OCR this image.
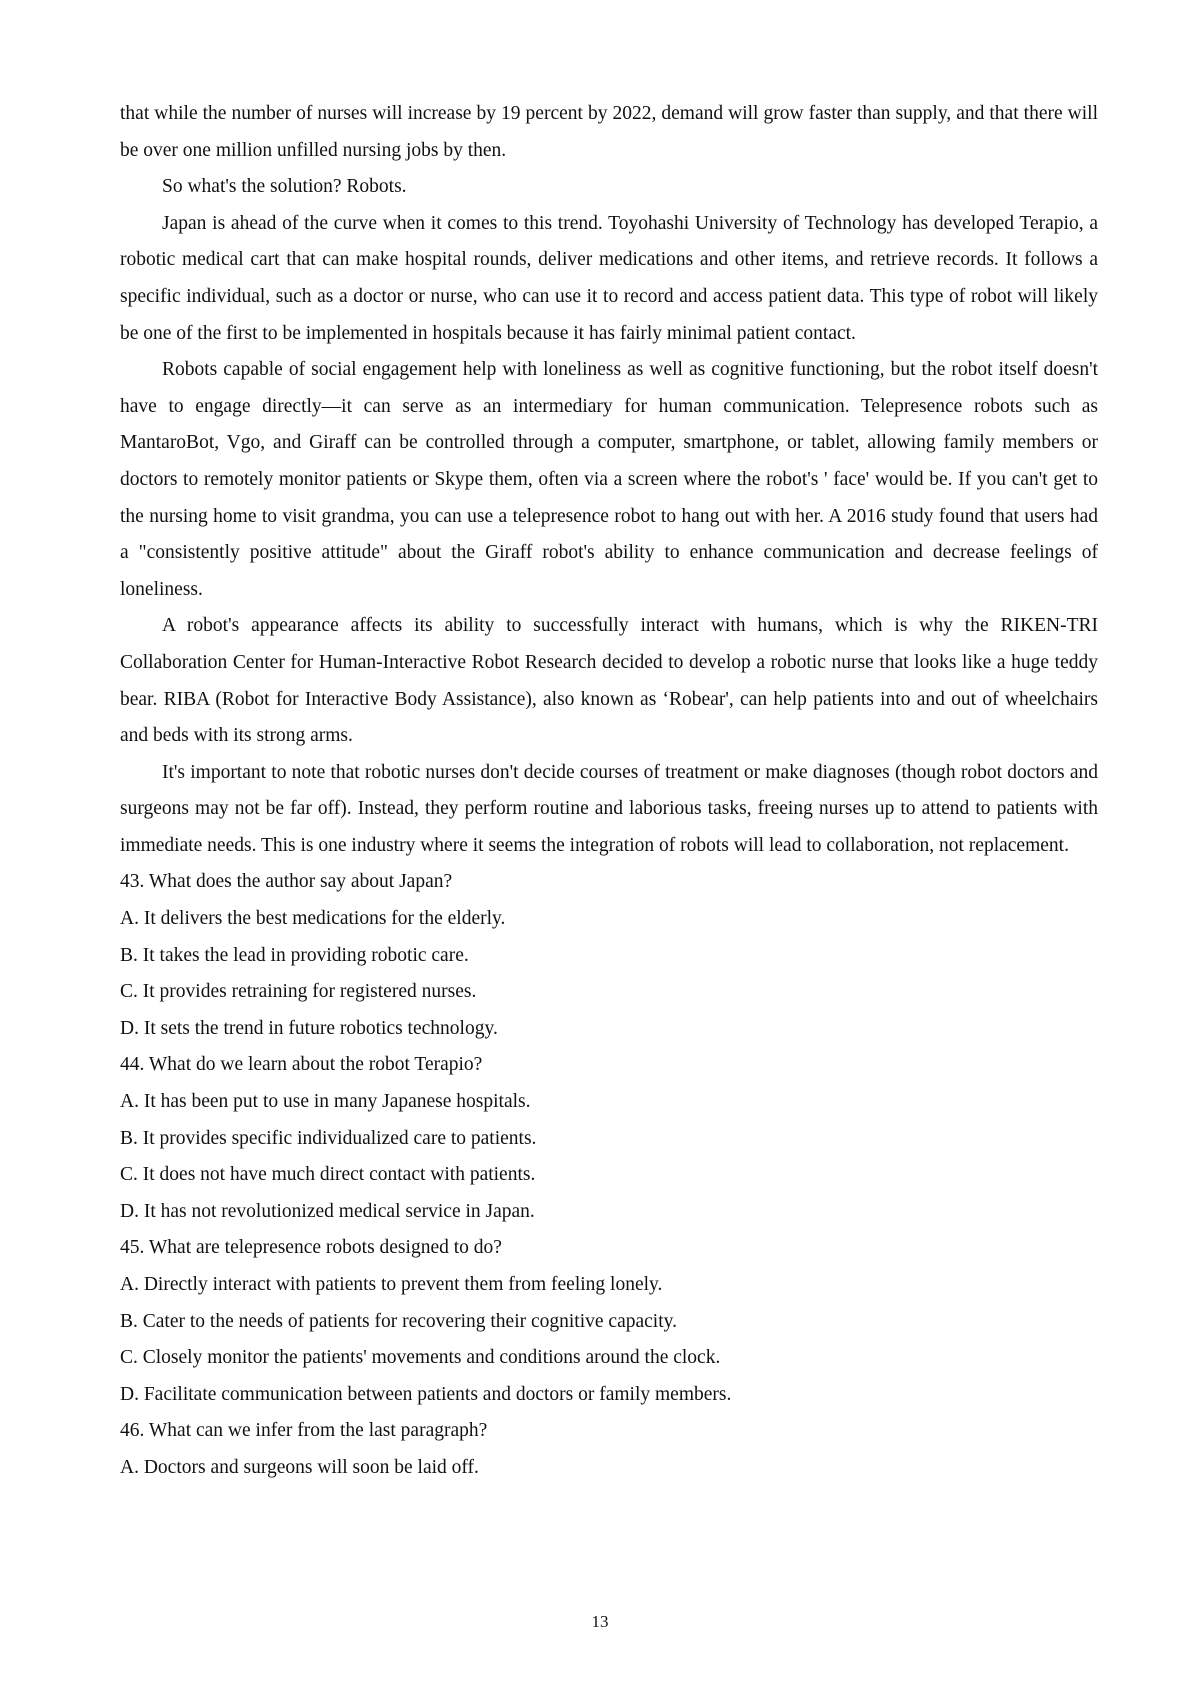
that while the number of nurses will increase by 19 percent by 2022, demand will grow faster than supply, and that there will be over one million unfilled nursing jobs by then.

So what's the solution? Robots.

Japan is ahead of the curve when it comes to this trend. Toyohashi University of Technology has developed Terapio, a robotic medical cart that can make hospital rounds, deliver medications and other items, and retrieve records. It follows a specific individual, such as a doctor or nurse, who can use it to record and access patient data. This type of robot will likely be one of the first to be implemented in hospitals because it has fairly minimal patient contact.

Robots capable of social engagement help with loneliness as well as cognitive functioning, but the robot itself doesn't have to engage directly—it can serve as an intermediary for human communication. Telepresence robots such as MantaroBot, Vgo, and Giraff can be controlled through a computer, smartphone, or tablet, allowing family members or doctors to remotely monitor patients or Skype them, often via a screen where the robot's ' face' would be. If you can't get to the nursing home to visit grandma, you can use a telepresence robot to hang out with her. A 2016 study found that users had a "consistently positive attitude" about the Giraff robot's ability to enhance communication and decrease feelings of loneliness.

A robot's appearance affects its ability to successfully interact with humans, which is why the RIKEN-TRI Collaboration Center for Human-Interactive Robot Research decided to develop a robotic nurse that looks like a huge teddy bear. RIBA (Robot for Interactive Body Assistance), also known as ‘Robear', can help patients into and out of wheelchairs and beds with its strong arms.

It's important to note that robotic nurses don't decide courses of treatment or make diagnoses (though robot doctors and surgeons may not be far off). Instead, they perform routine and laborious tasks, freeing nurses up to attend to patients with immediate needs. This is one industry where it seems the integration of robots will lead to collaboration, not replacement.

43. What does the author say about Japan?

A. It delivers the best medications for the elderly.

B. It takes the lead in providing robotic care.

C. It provides retraining for registered nurses.

D. It sets the trend in future robotics technology.

44. What do we learn about the robot Terapio?

A. It has been put to use in many Japanese hospitals.

B. It provides specific individualized care to patients.

C. It does not have much direct contact with patients.

D. It has not revolutionized medical service in Japan.

45. What are telepresence robots designed to do?

A. Directly interact with patients to prevent them from feeling lonely.

B. Cater to the needs of patients for recovering their cognitive capacity.

C. Closely monitor the patients' movements and conditions around the clock.

D. Facilitate communication between patients and doctors or family members.

46. What can we infer from the last paragraph?

A. Doctors and surgeons will soon be laid off.

13
